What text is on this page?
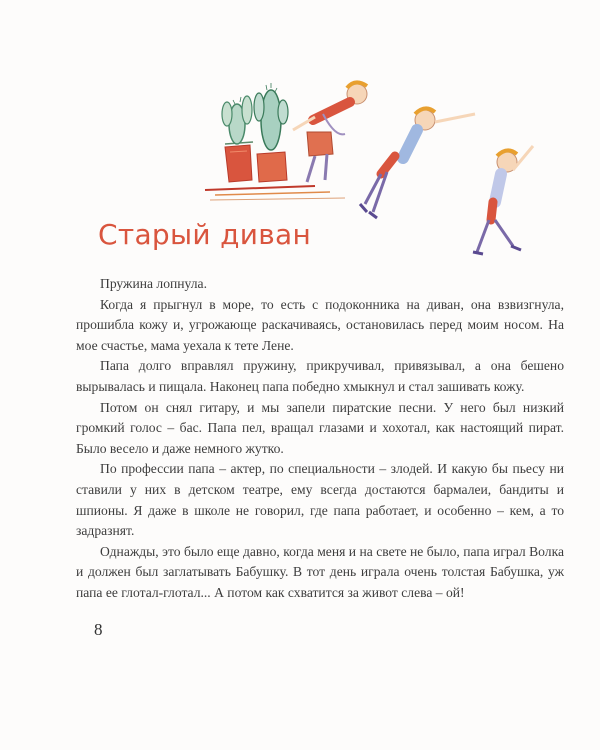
Старый диван

Пружина лопнула.

Когда я прыгнул в море, то есть с подоконника на диван, она взвизгнула, прошибла кожу и, угрожающе раскачиваясь, остановилась перед моим носом. На мое счастье, мама уехала к тете Лене.

Папа долго вправлял пружину, прикручивал, привязывал, а она бешено вырывалась и пищала. Наконец папа победно хмыкнул и стал зашивать кожу.

Потом он снял гитару, и мы запели пиратские песни. У него был низкий громкий голос – бас. Папа пел, вращал глазами и хохотал, как настоящий пират. Было весело и даже немного жутко.

По профессии папа – актер, по специальности – злодей. И какую бы пьесу ни ставили у них в детском театре, ему всегда достаются бармалеи, бандиты и шпионы. Я даже в школе не говорил, где папа работает, и особенно – кем, а то задразнят.

Однажды, это было еще давно, когда меня и на свете не было, папа играл Волка и должен был заглатывать Бабушку. В тот день играла очень толстая Бабушка, уж папа ее глотал-глотал... А потом как схватится за живот слева – ой!

8
